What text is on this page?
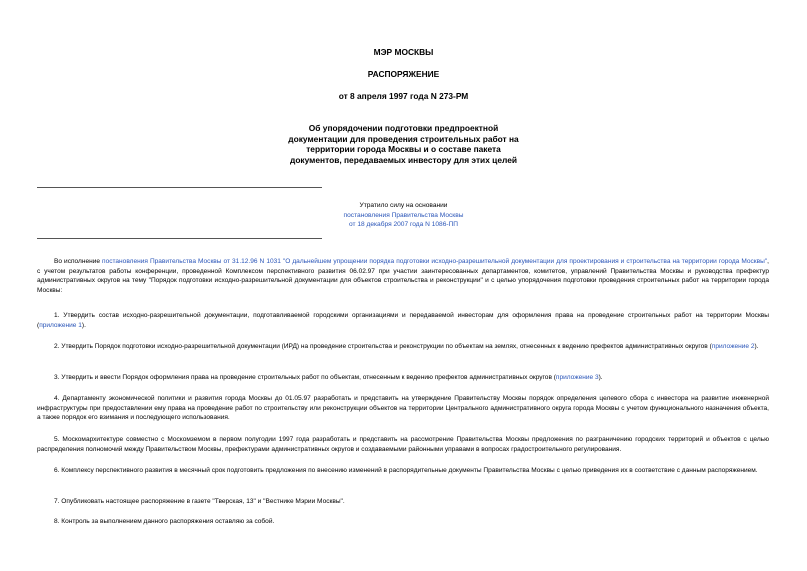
МЭР МОСКВЫ
РАСПОРЯЖЕНИЕ
от 8 апреля 1997 года N 273-РМ
Об упорядочении подготовки предпроектной документации для проведения строительных работ на территории города Москвы и о составе пакета документов, передаваемых инвестору для этих целей
Утратило силу на основании
постановления Правительства Москвы
от 18 декабря 2007 года N 1086-ПП
Во исполнение постановления Правительства Москвы от 31.12.96 N 1031 "О дальнейшем упрощении порядка подготовки исходно-разрешительной документации для проектирования и строительства на территории города Москвы", с учетом результатов работы конференции, проведенной Комплексом перспективного развития 06.02.97 при участии заинтересованных департаментов, комитетов, управлений Правительства Москвы и руководства префектур административных округов на тему "Порядок подготовки исходно-разрешительной документации для объектов строительства и реконструкции" и с целью упорядочения подготовки проведения строительных работ на территории города Москвы:
1. Утвердить состав исходно-разрешительной документации, подготавливаемой городскими организациями и передаваемой инвесторам для оформления права на проведение строительных работ на территории Москвы (приложение 1).
2. Утвердить Порядок подготовки исходно-разрешительной документации (ИРД) на проведение строительства и реконструкции по объектам на землях, отнесенных к ведению префектов административных округов (приложение 2).
3. Утвердить и ввести Порядок оформления права на проведение строительных работ по объектам, отнесенным к ведению префектов административных округов (приложение 3).
4. Департаменту экономической политики и развития города Москвы до 01.05.97 разработать и представить на утверждение Правительству Москвы порядок определения целевого сбора с инвестора на развитие инженерной инфраструктуры при предоставлении ему права на проведение работ по строительству или реконструкции объектов на территории Центрального административного округа города Москвы с учетом функционального назначения объекта, а также порядок его взимания и последующего использования.
5. Москомархитектуре совместно с Москомземом в первом полугодии 1997 года разработать и представить на рассмотрение Правительства Москвы предложения по разграничению городских территорий и объектов с целью распределения полномочий между Правительством Москвы, префектурами административных округов и создаваемыми районными управами в вопросах градостроительного регулирования.
6. Комплексу перспективного развития в месячный срок подготовить предложения по внесению изменений в распорядительные документы Правительства Москвы с целью приведения их в соответствие с данным распоряжением.
7. Опубликовать настоящее распоряжение в газете "Тверская, 13" и "Вестнике Мэрии Москвы".
8. Контроль за выполнением данного распоряжения оставляю за собой.
